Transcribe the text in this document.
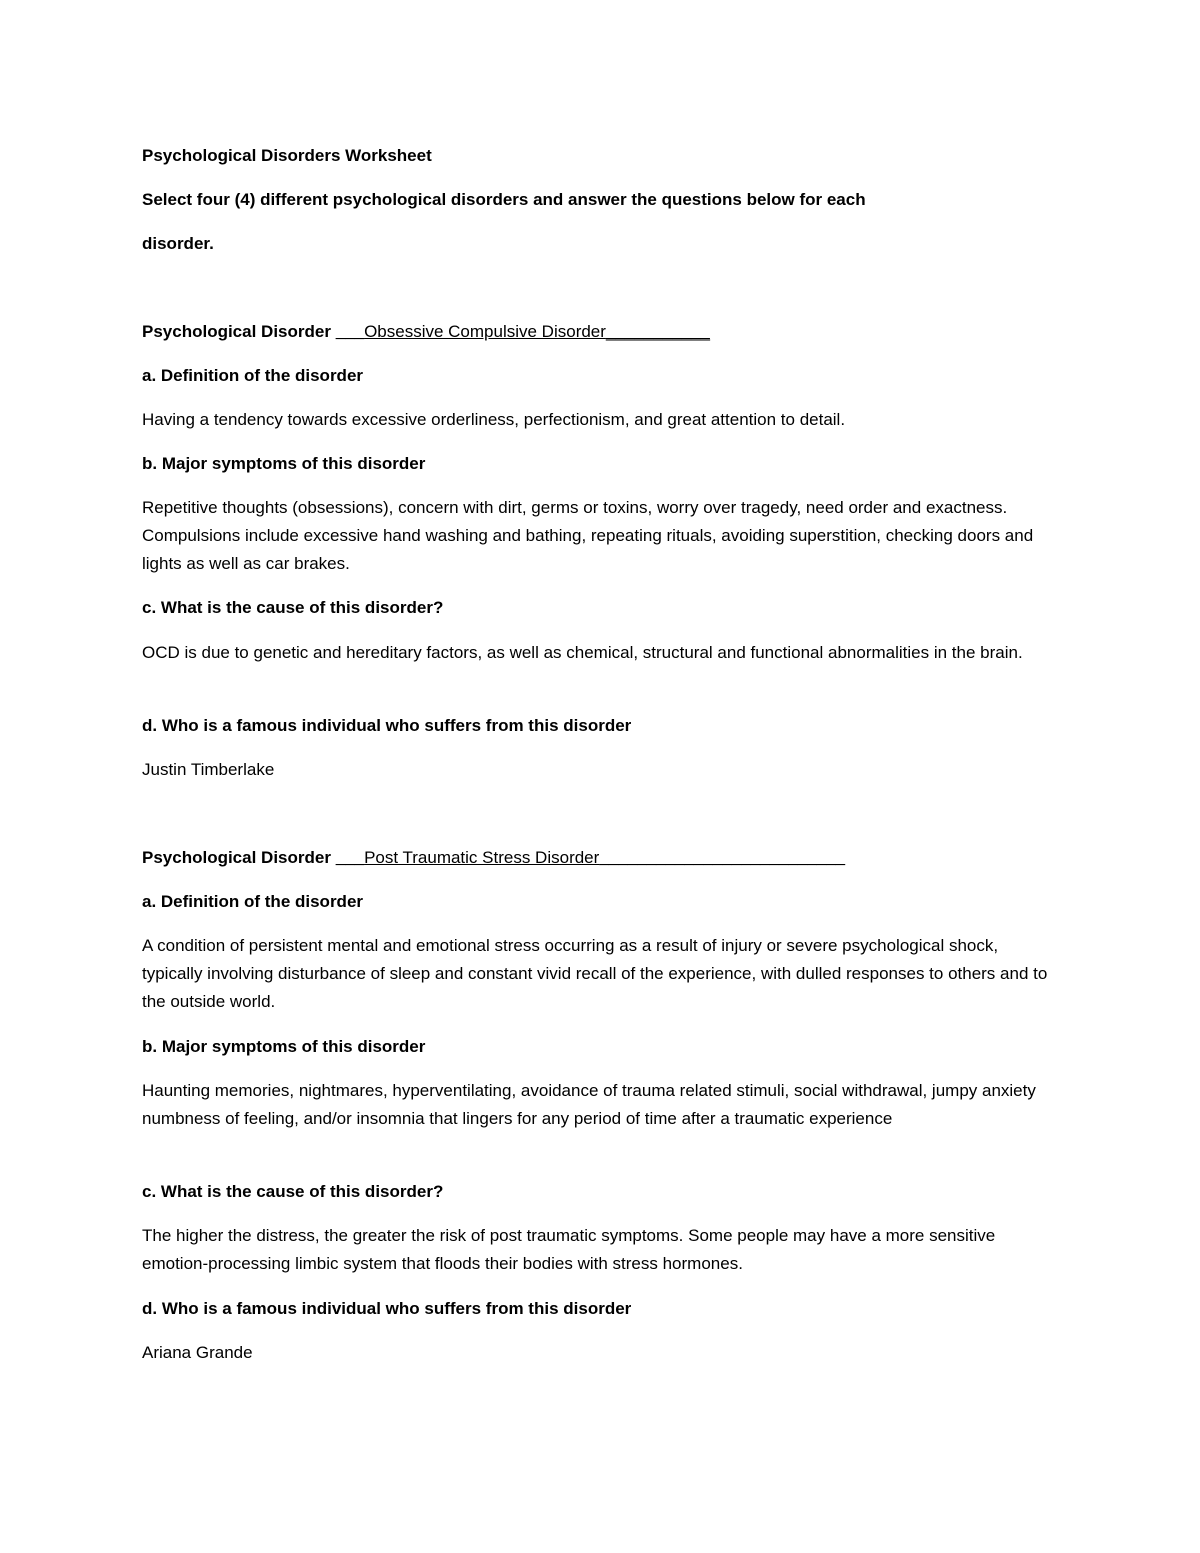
Psychological Disorders Worksheet

Select four (4) different psychological disorders and answer the questions below for each

disorder.

Psychological Disorder ___Obsessive Compulsive Disorder___________

a. Definition of the disorder

Having a tendency towards excessive orderliness, perfectionism, and great attention to detail.

b. Major symptoms of this disorder

Repetitive thoughts (obsessions), concern with dirt, germs or toxins, worry over tragedy, need order and exactness. Compulsions include excessive hand washing and bathing, repeating rituals, avoiding superstition, checking doors and lights as well as car brakes.

c. What is the cause of this disorder?

OCD is due to genetic and hereditary factors, as well as chemical, structural and functional abnormalities in the brain.

d. Who is a famous individual who suffers from this disorder

Justin Timberlake

Psychological Disorder ___Post Traumatic Stress Disorder__________________________

a. Definition of the disorder

A condition of persistent mental and emotional stress occurring as a result of injury or severe psychological shock, typically involving disturbance of sleep and constant vivid recall of the experience, with dulled responses to others and to the outside world.

b. Major symptoms of this disorder

Haunting memories, nightmares, hyperventilating, avoidance of trauma related stimuli, social withdrawal, jumpy anxiety numbness of feeling, and/or insomnia that lingers for any period of time after a traumatic experience

c. What is the cause of this disorder?

The higher the distress, the greater the risk of post traumatic symptoms. Some people may have a more sensitive emotion-processing limbic system that floods their bodies with stress hormones.

d. Who is a famous individual who suffers from this disorder

Ariana Grande
